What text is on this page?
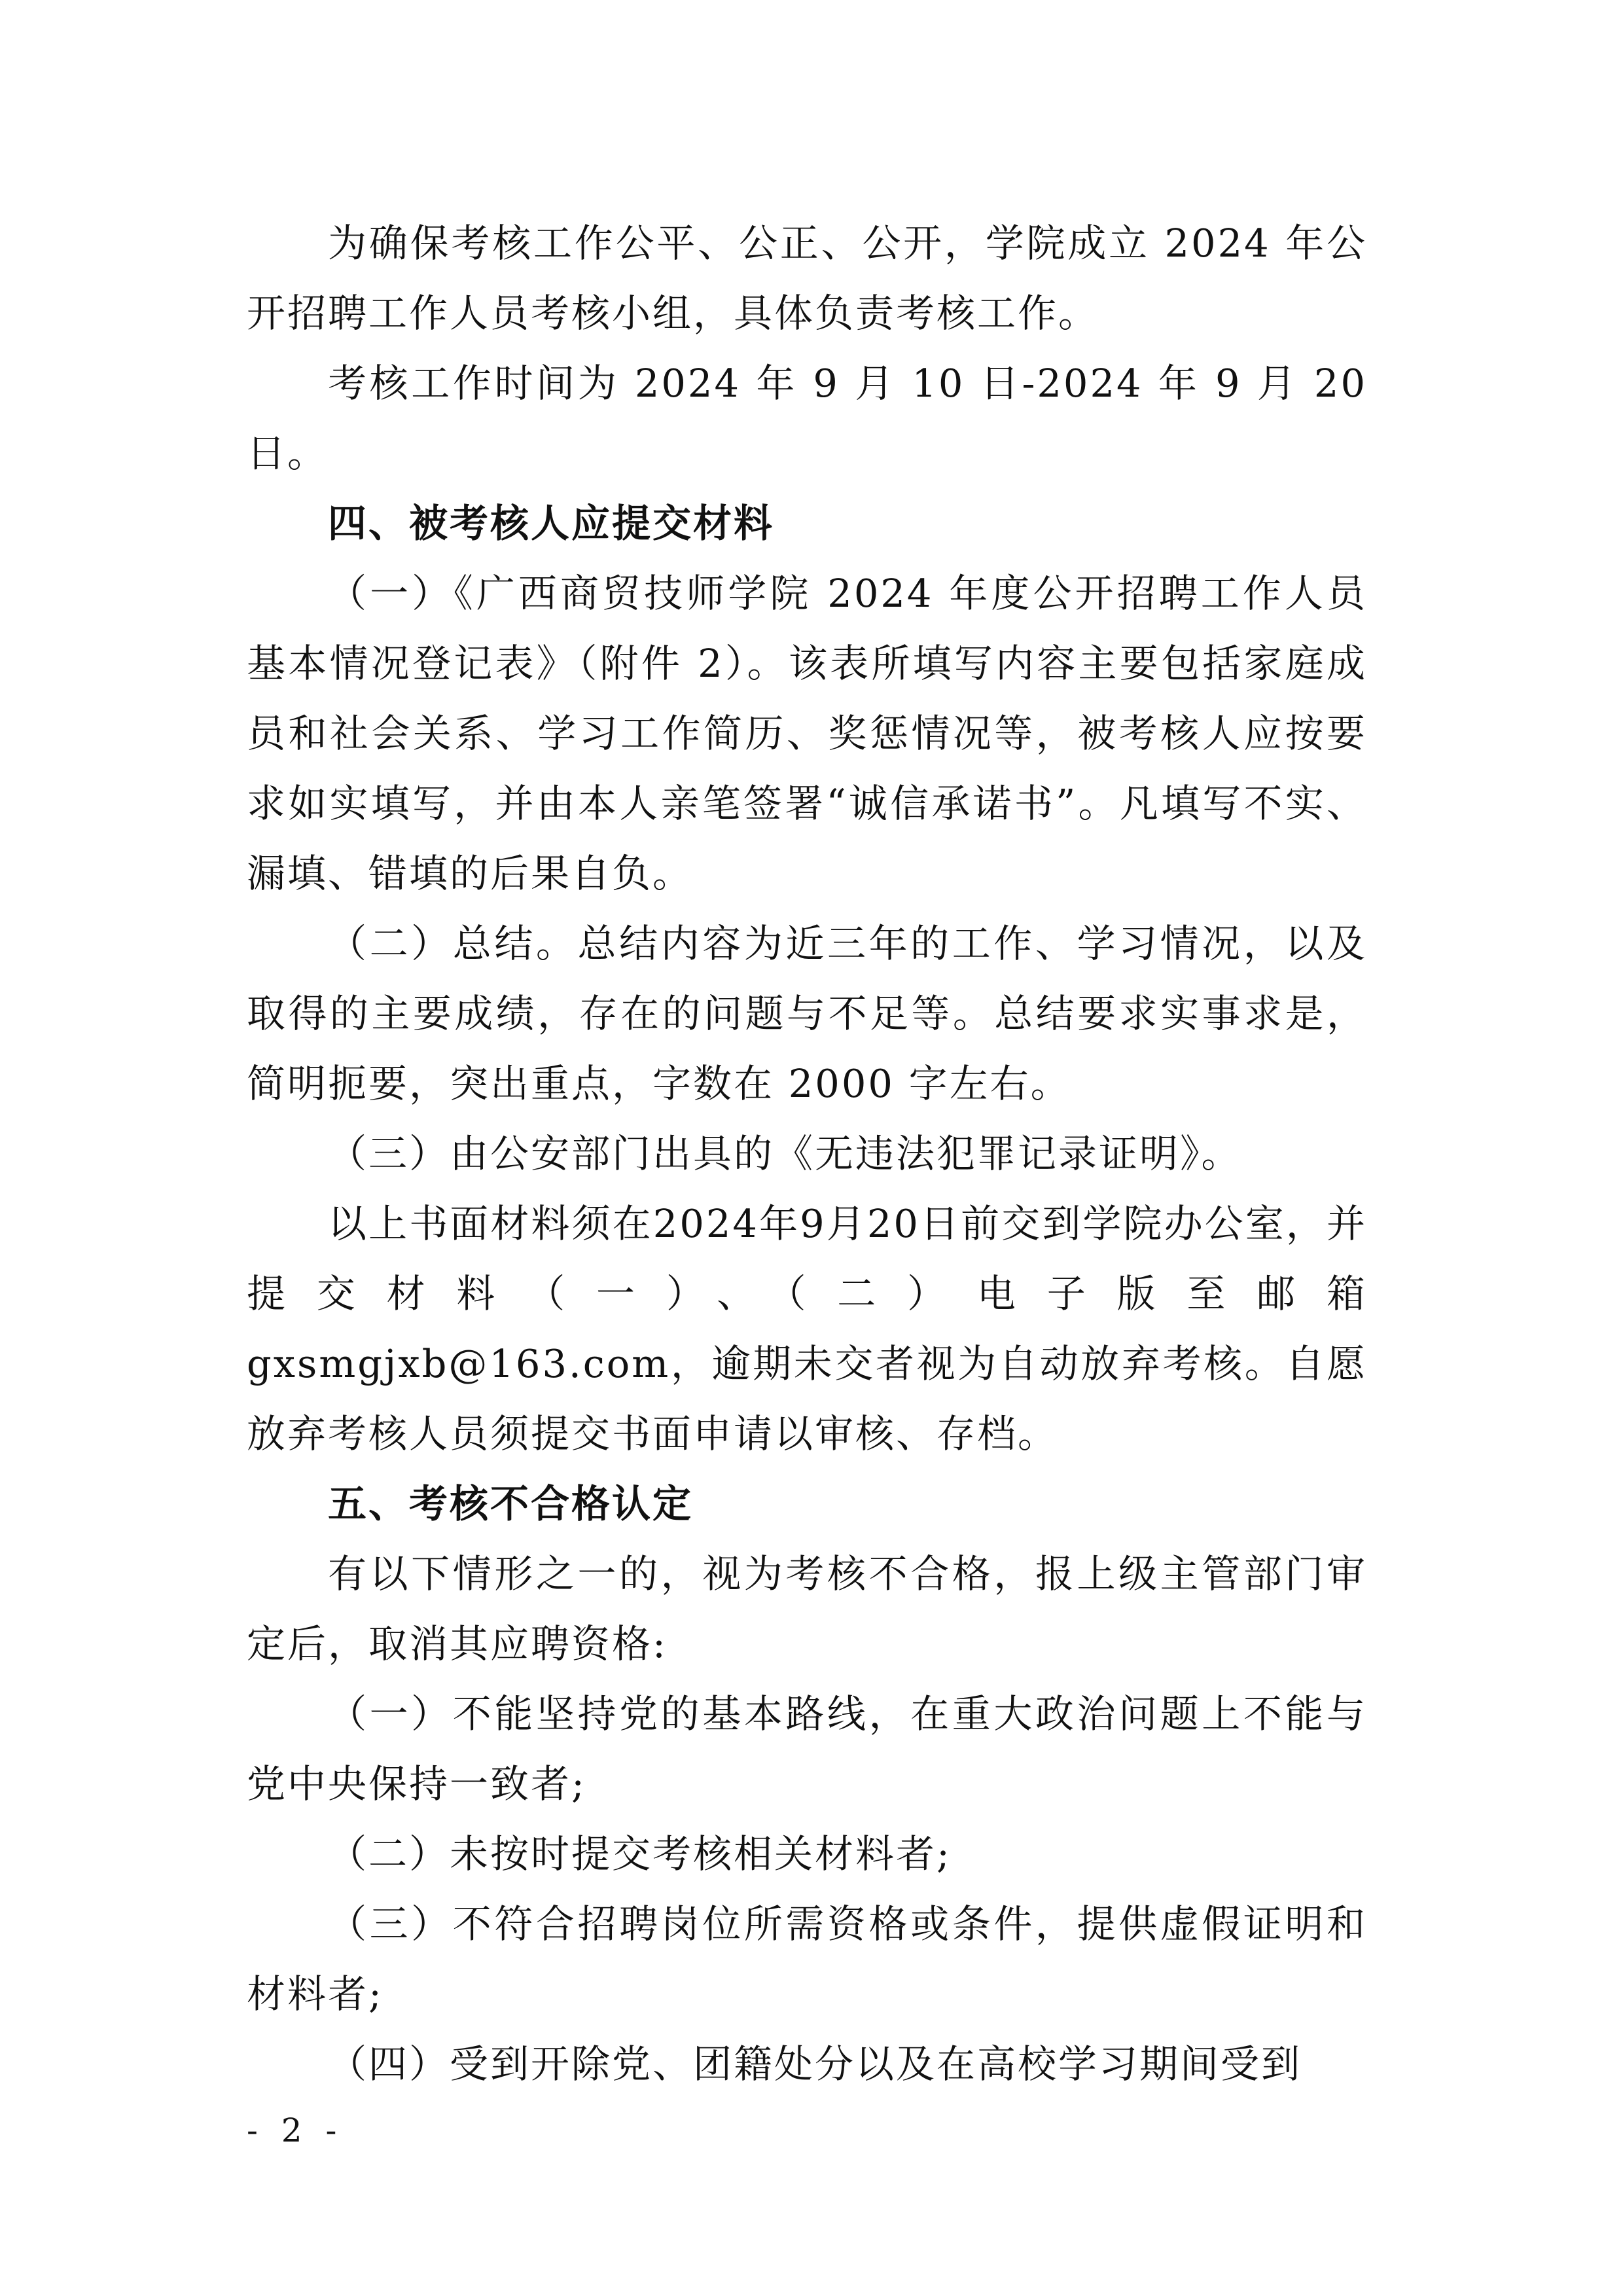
为确保考核工作公平、公正、公开，学院成立 2024 年公开招聘工作人员考核小组，具体负责考核工作。

考核工作时间为 2024 年 9 月 10 日-2024 年 9 月 20 日。

四、被考核人应提交材料

（一）《广西商贸技师学院 2024 年度公开招聘工作人员基本情况登记表》（附件 2）。该表所填写内容主要包括家庭成员和社会关系、学习工作简历、奖惩情况等，被考核人应按要求如实填写，并由本人亲笔签署“诚信承诺书”。凡填写不实、漏填、错填的后果自负。

（二）总结。总结内容为近三年的工作、学习情况，以及取得的主要成绩，存在的问题与不足等。总结要求实事求是，简明扼要，突出重点，字数在 2000 字左右。

（三）由公安部门出具的《无违法犯罪记录证明》。

以上书面材料须在2024年9月20日前交到学院办公室，并提交材料（一）、（二）电子版至邮箱 gxsmgjxb@163.com，逾期未交者视为自动放弃考核。自愿放弃考核人员须提交书面申请以审核、存档。

五、考核不合格认定

有以下情形之一的，视为考核不合格，报上级主管部门审定后，取消其应聘资格:

（一）不能坚持党的基本路线，在重大政治问题上不能与党中央保持一致者;

（二）未按时提交考核相关材料者;

（三）不符合招聘岗位所需资格或条件，提供虚假证明和材料者;

（四）受到开除党、团籍处分以及在高校学习期间受到

- 2 -
